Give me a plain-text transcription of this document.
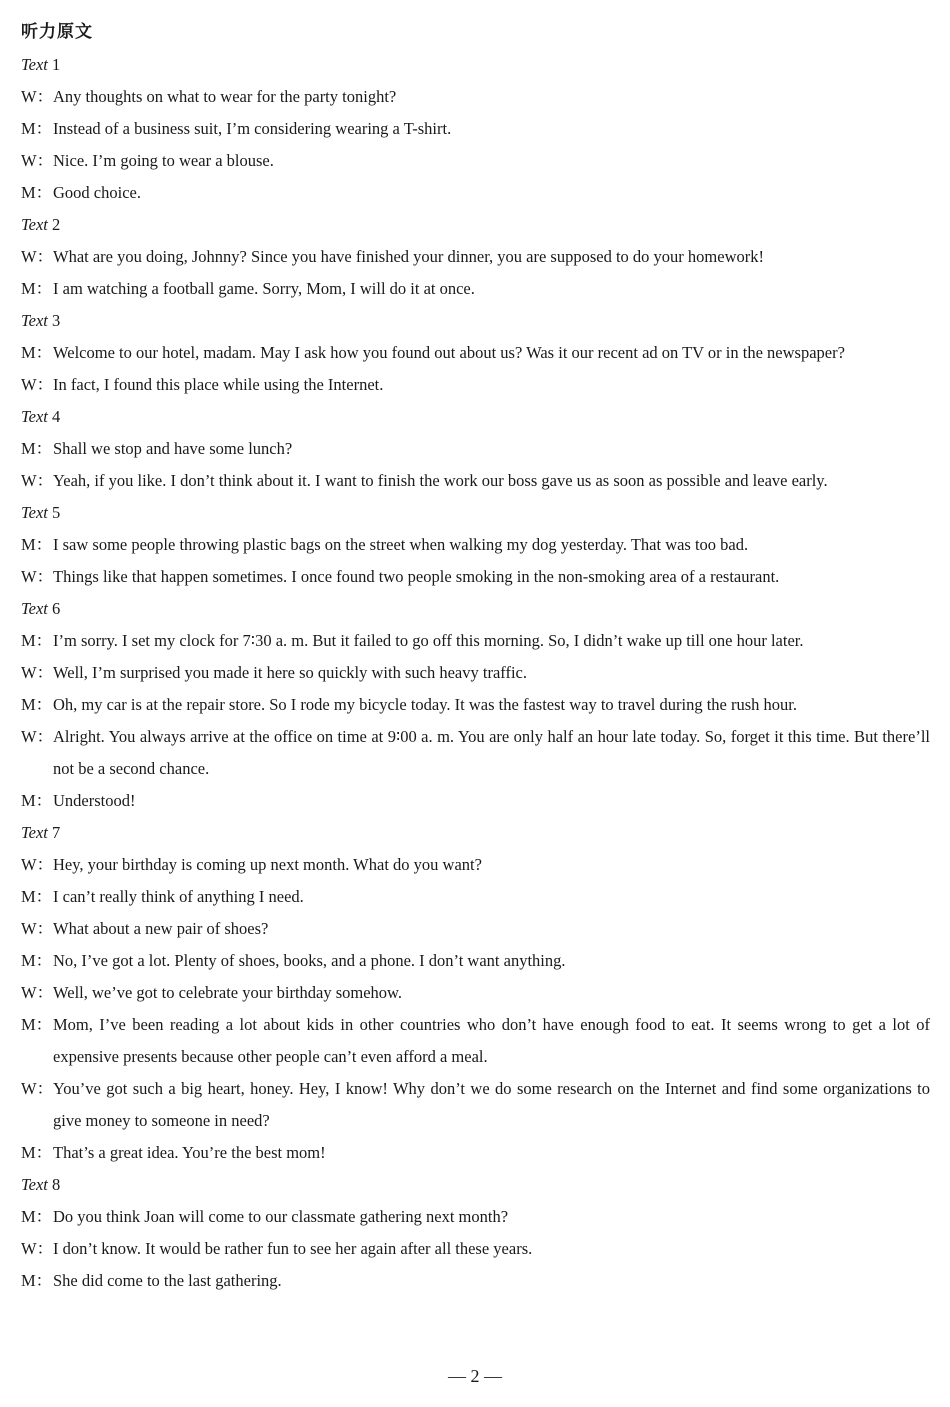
听力原文
Text 1
W： Any thoughts on what to wear for the party tonight?
M： Instead of a business suit, I’m considering wearing a T-shirt.
W： Nice. I’m going to wear a blouse.
M： Good choice.
Text 2
W： What are you doing, Johnny? Since you have finished your dinner, you are supposed to do your homework!
M： I am watching a football game. Sorry, Mom, I will do it at once.
Text 3
M： Welcome to our hotel, madam. May I ask how you found out about us? Was it our recent ad on TV or in the newspaper?
W： In fact, I found this place while using the Internet.
Text 4
M： Shall we stop and have some lunch?
W： Yeah, if you like. I don’t think about it. I want to finish the work our boss gave us as soon as possible and leave early.
Text 5
M： I saw some people throwing plastic bags on the street when walking my dog yesterday. That was too bad.
W： Things like that happen sometimes. I once found two people smoking in the non-smoking area of a restaurant.
Text 6
M： I’m sorry. I set my clock for 7∶30 a. m. But it failed to go off this morning. So, I didn’t wake up till one hour later.
W： Well, I’m surprised you made it here so quickly with such heavy traffic.
M： Oh, my car is at the repair store. So I rode my bicycle today. It was the fastest way to travel during the rush hour.
W： Alright. You always arrive at the office on time at 9∶00 a. m. You are only half an hour late today. So, forget it this time. But there’ll not be a second chance.
M： Understood!
Text 7
W： Hey, your birthday is coming up next month. What do you want?
M： I can’t really think of anything I need.
W： What about a new pair of shoes?
M： No, I’ve got a lot. Plenty of shoes, books, and a phone. I don’t want anything.
W： Well, we’ve got to celebrate your birthday somehow.
M： Mom, I’ve been reading a lot about kids in other countries who don’t have enough food to eat. It seems wrong to get a lot of expensive presents because other people can’t even afford a meal.
W： You’ve got such a big heart, honey. Hey, I know! Why don’t we do some research on the Internet and find some organizations to give money to someone in need?
M： That’s a great idea. You’re the best mom!
Text 8
M： Do you think Joan will come to our classmate gathering next month?
W： I don’t know. It would be rather fun to see her again after all these years.
M： She did come to the last gathering.
— 2 —
